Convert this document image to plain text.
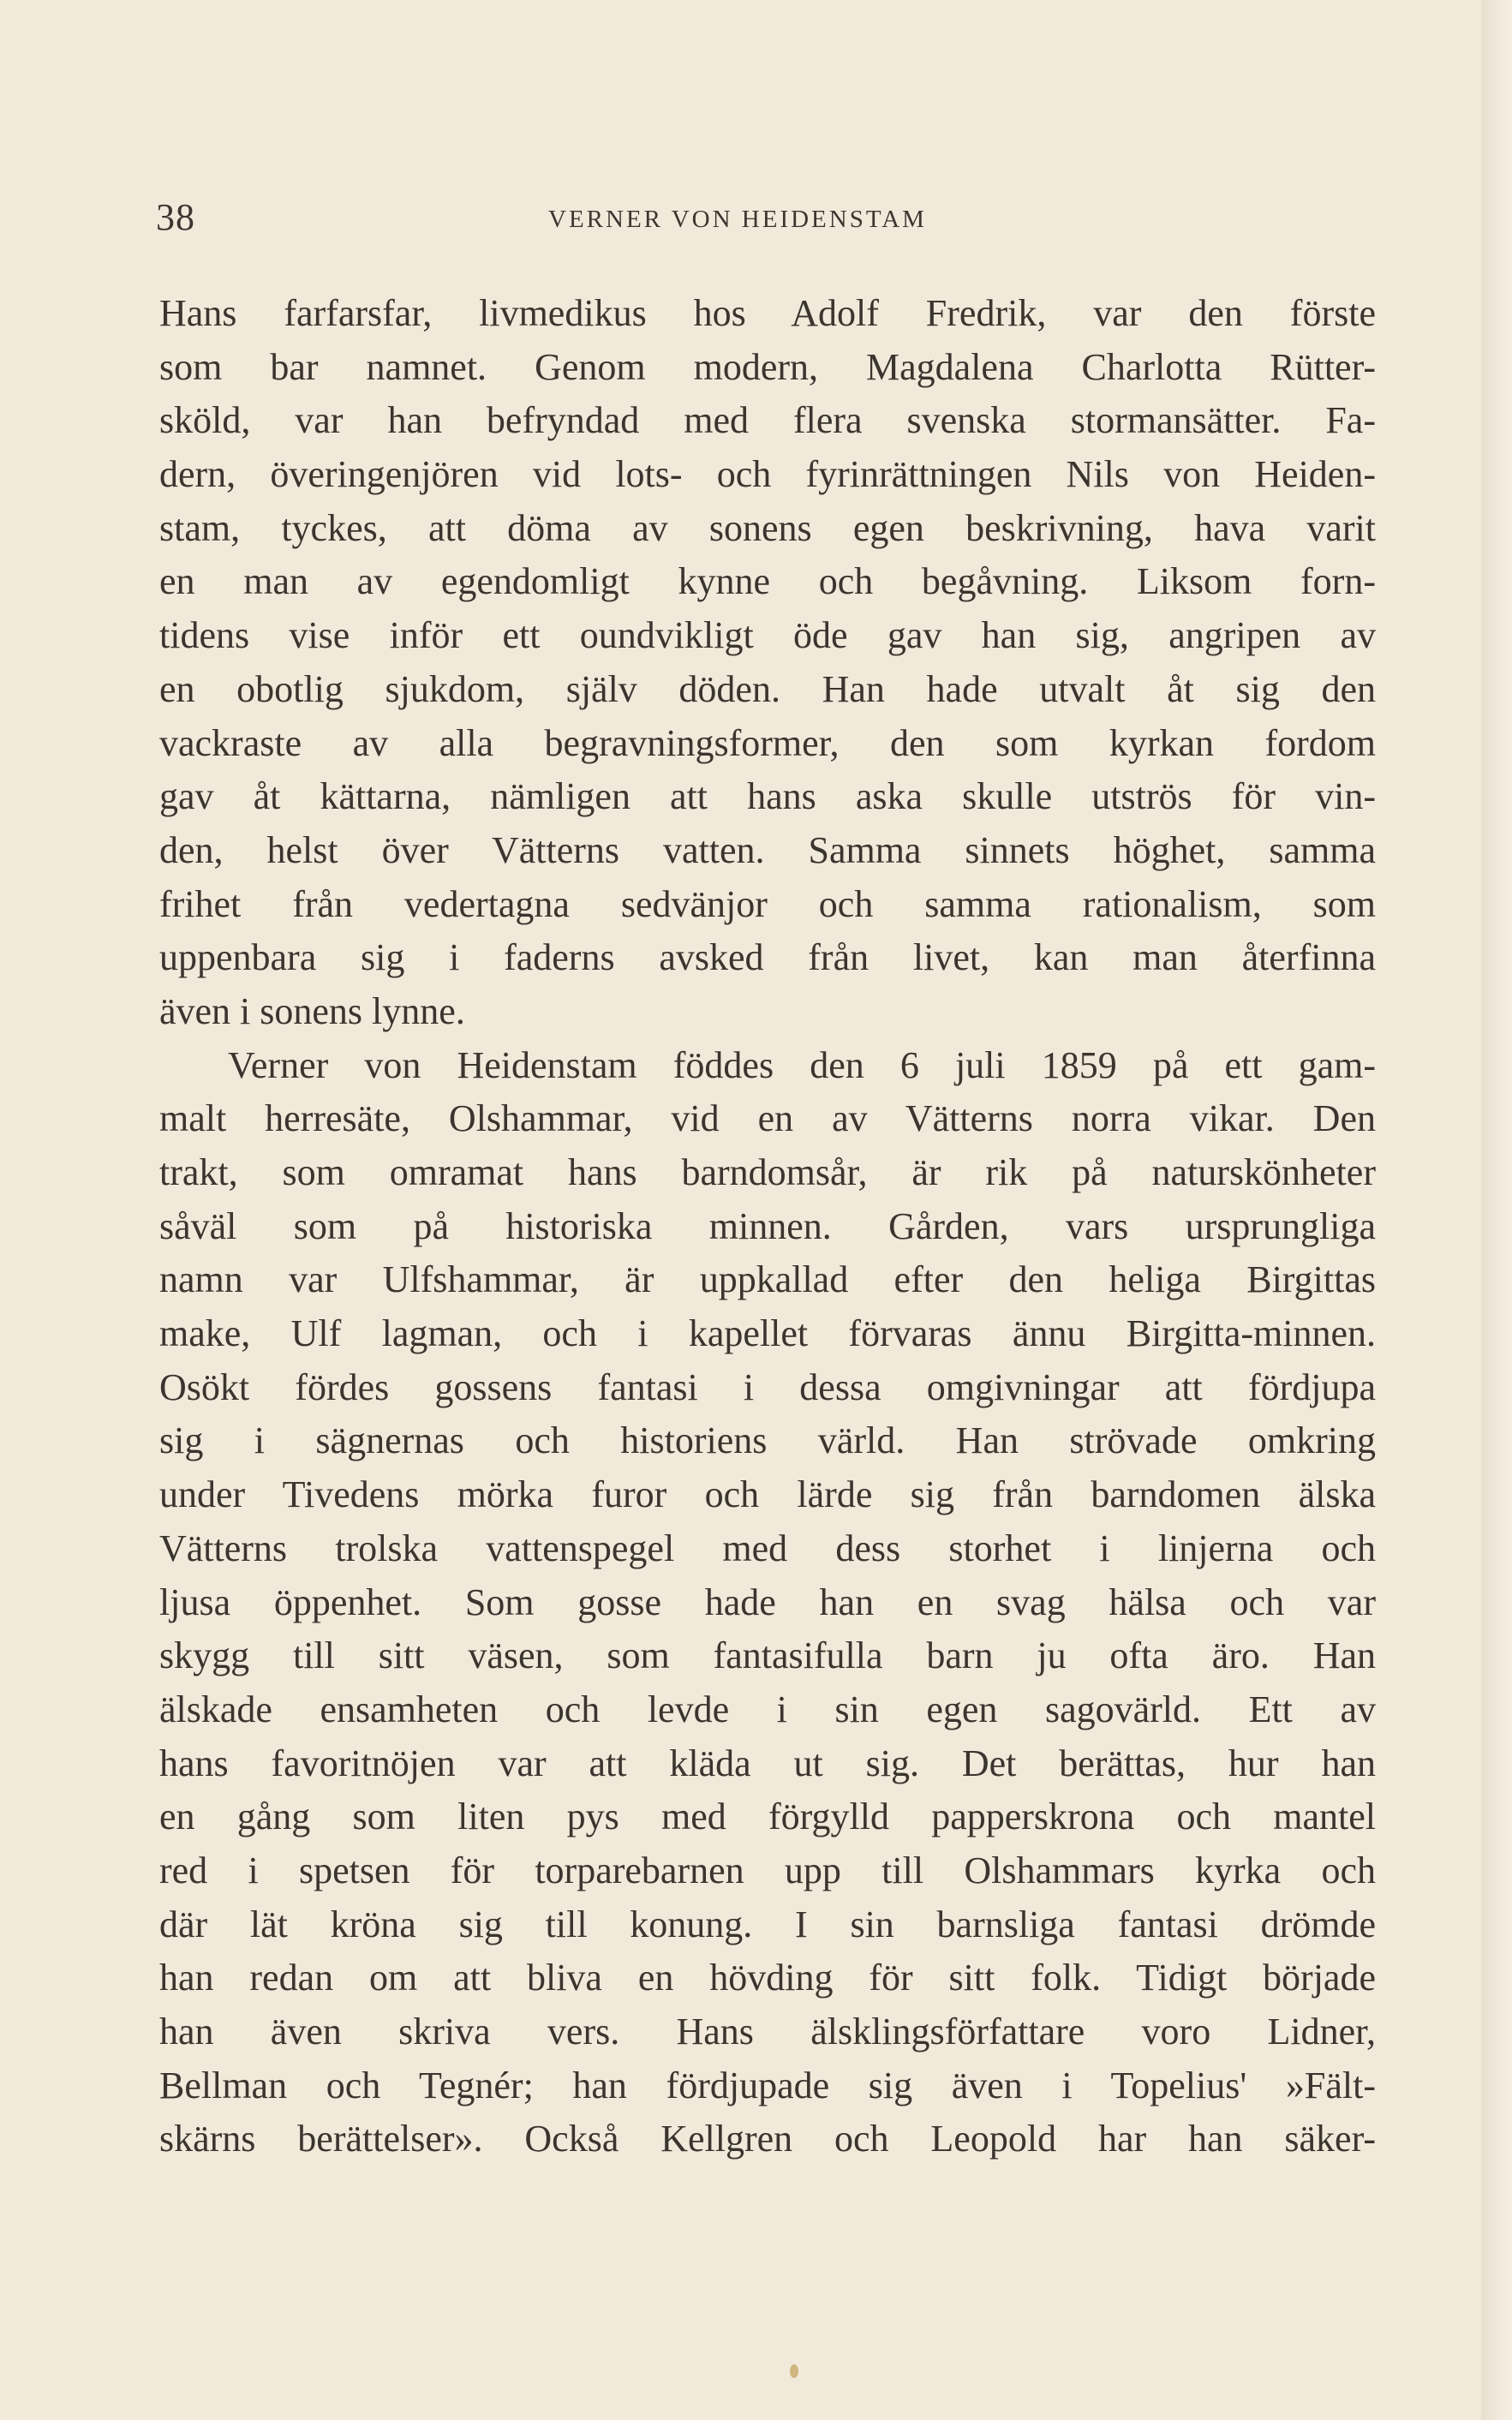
38	VERNER VON HEIDENSTAM
Hans farfarsfar, livmedikus hos Adolf Fredrik, var den förste
som bar namnet. Genom modern, Magdalena Charlotta Rütter-
sköld, var han befryndad med flera svenska stormansätter. Fa-
dern, överingenjören vid lots- och fyrinrättningen Nils von Heiden-
stam, tyckes, att döma av sonens egen beskrivning, hava varit
en man av egendomligt kynne och begåvning. Liksom forn-
tidens vise inför ett oundvikligt öde gav han sig, angripen av
en obotlig sjukdom, själv döden. Han hade utvalt åt sig den
vackraste av alla begravningsformer, den som kyrkan fordom
gav åt kättarna, nämligen att hans aska skulle utströs för vin-
den, helst över Vätterns vatten. Samma sinnets höghet, samma
frihet från vedertagna sedvänjor och samma rationalism, som
uppenbara sig i faderns avsked från livet, kan man återfinna
även i sonens lynne.
Verner von Heidenstam föddes den 6 juli 1859 på ett gam-
malt herresäte, Olshammar, vid en av Vätterns norra vikar. Den
trakt, som omramat hans barndomsår, är rik på naturskönheter
såväl som på historiska minnen. Gården, vars ursprungliga
namn var Ulfshammar, är uppkallad efter den heliga Birgittas
make, Ulf lagman, och i kapellet förvaras ännu Birgitta-minnen.
Osökt fördes gossens fantasi i dessa omgivningar att fördjupa
sig i sägnernas och historiens värld. Han strövade omkring
under Tivedens mörka furor och lärde sig från barndomen älska
Vätterns trolska vattenspegel med dess storhet i linjerna och
ljusa öppenhet. Som gosse hade han en svag hälsa och var
skygg till sitt väsen, som fantasifulla barn ju ofta äro. Han
älskade ensamheten och levde i sin egen sagovärld. Ett av
hans favoritnöjen var att kläda ut sig. Det berättas, hur han
en gång som liten pys med förgylld papperskrona och mantel
red i spetsen för torparebarnen upp till Olshammars kyrka och
där lät kröna sig till konung. I sin barnsliga fantasi drömde
han redan om att bliva en hövding för sitt folk. Tidigt började
han även skriva vers. Hans älsklingsförfattare voro Lidner,
Bellman och Tegnér; han fördjupade sig även i Topelius' »Fält-
skärns berättelser». Också Kellgren och Leopold har han säker-
